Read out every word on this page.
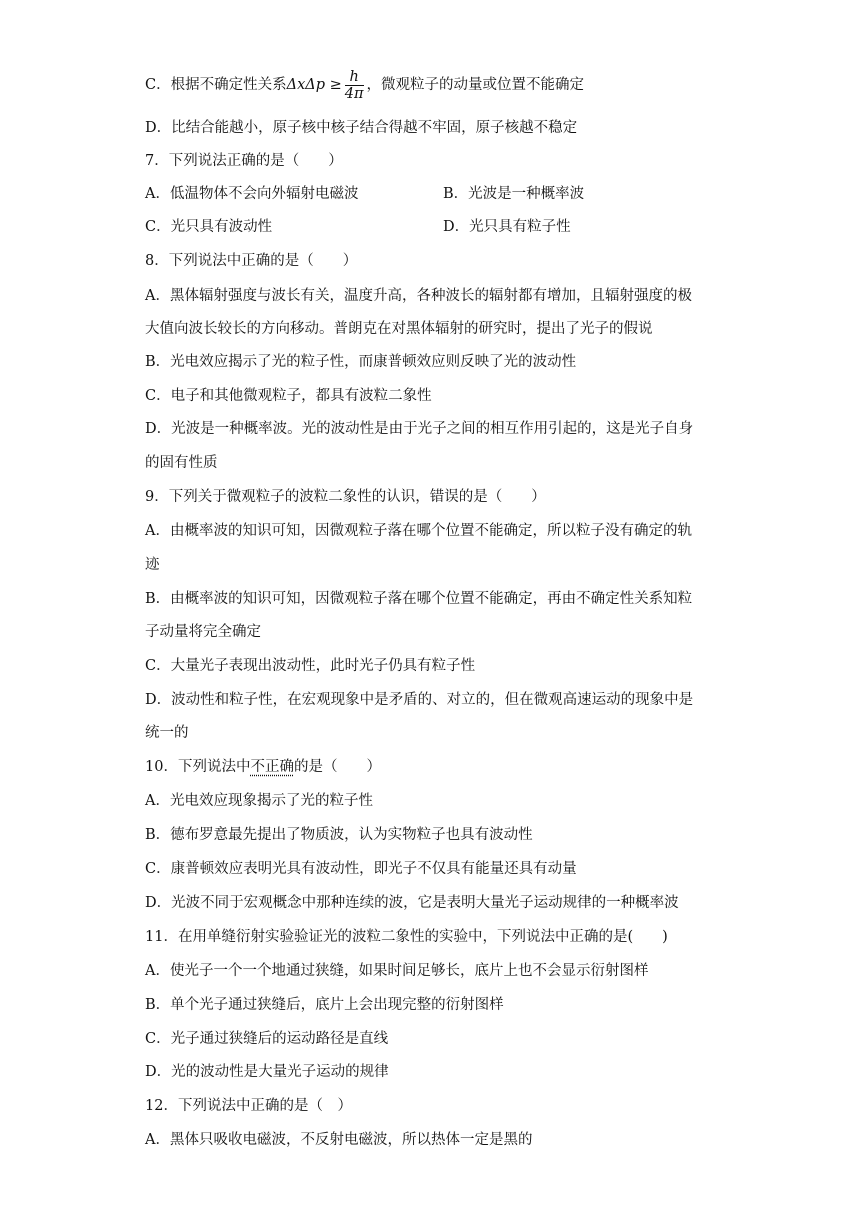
C．根据不确定性关系$\Delta x\Delta p \ge \frac{h}{4\pi}$ ，微观粒子的动量或位置不能确定
D．比结合能越小，原子核中核子结合得越不牢固，原子核越不稳定
7．下列说法正确的是（　　）
A．低温物体不会向外辐射电磁波	B．光波是一种概率波
C．光只具有波动性	D．光只具有粒子性
8．下列说法中正确的是（　　）
A．黑体辐射强度与波长有关，温度升高，各种波长的辐射都有增加，且辐射强度的极
大值向波长较长的方向移动。普朗克在对黑体辐射的研究时，提出了光子的假说
B．光电效应揭示了光的粒子性，而康普顿效应则反映了光的波动性
C．电子和其他微观粒子，都具有波粒二象性
D．光波是一种概率波。光的波动性是由于光子之间的相互作用引起的，这是光子自身
的固有性质
9．下列关于微观粒子的波粒二象性的认识，错误的是（　　）
A．由概率波的知识可知，因微观粒子落在哪个位置不能确定，所以粒子没有确定的轨
迹
B．由概率波的知识可知，因微观粒子落在哪个位置不能确定，再由不确定性关系知粒
子动量将完全确定
C．大量光子表现出波动性，此时光子仍具有粒子性
D．波动性和粒子性，在宏观现象中是矛盾的、对立的，但在微观高速运动的现象中是
统一的
10．下列说法中不正确的是（　　）
A．光电效应现象揭示了光的粒子性
B．德布罗意最先提出了物质波，认为实物粒子也具有波动性
C．康普顿效应表明光具有波动性，即光子不仅具有能量还具有动量
D．光波不同于宏观概念中那种连续的波，它是表明大量光子运动规律的一种概率波
11．在用单缝衍射实验验证光的波粒二象性的实验中，下列说法中正确的是(　　)
A．使光子一个一个地通过狭缝，如果时间足够长，底片上也不会显示衍射图样
B．单个光子通过狭缝后，底片上会出现完整的衍射图样
C．光子通过狭缝后的运动路径是直线
D．光的波动性是大量光子运动的规律
12．下列说法中正确的是（　）
A．黑体只吸收电磁波，不反射电磁波，所以热体一定是黑的
